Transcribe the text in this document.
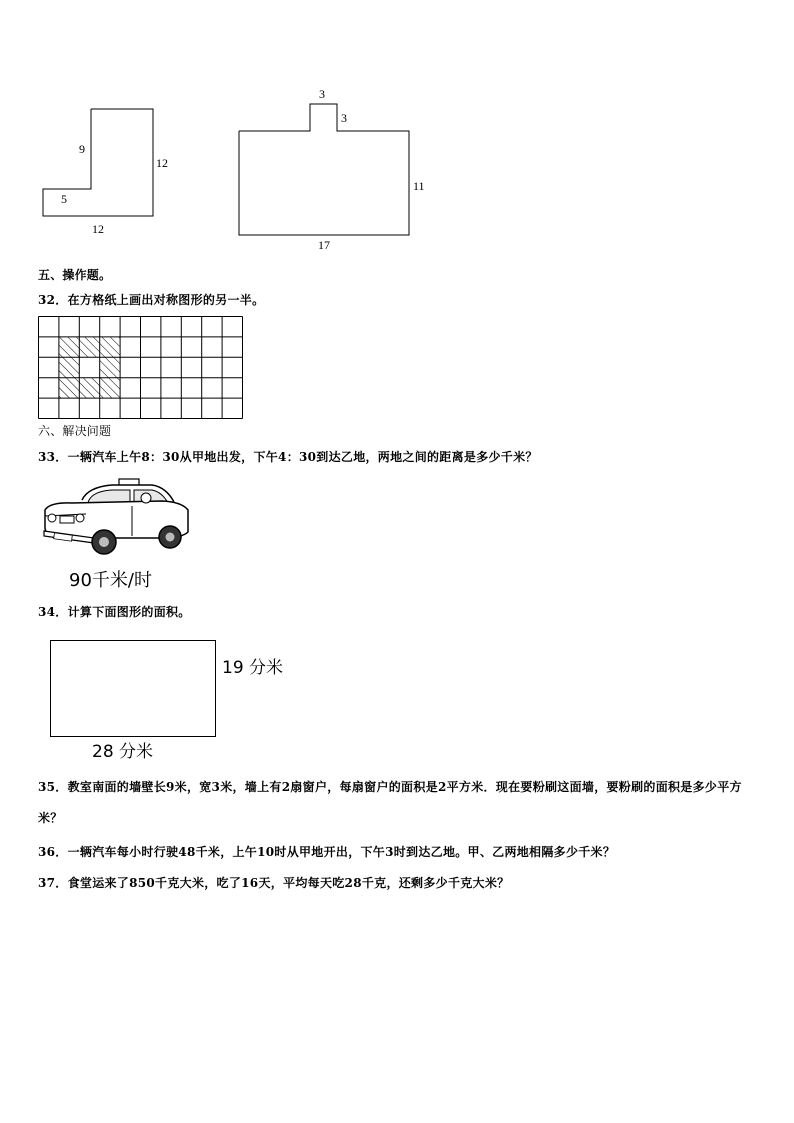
9
12
5
12
3
3
11
17
五、操作题。
32．在方格纸上画出对称图形的另一半。
六、解决问题
33．一辆汽车上午8：30从甲地出发，下午4：30到达乙地，两地之间的距离是多少千米？
90千米/时
34．计算下面图形的面积。
19 分米
28 分米
35．教室南面的墙壁长9米，宽3米，墙上有2扇窗户，每扇窗户的面积是2平方米．现在要粉刷这面墙，要粉刷的面积是多少平方米？
36．一辆汽车每小时行驶48千米，上午10时从甲地开出，下午3时到达乙地。甲、乙两地相隔多少千米？
37．食堂运来了850千克大米，吃了16天，平均每天吃28千克，还剩多少千克大米？
